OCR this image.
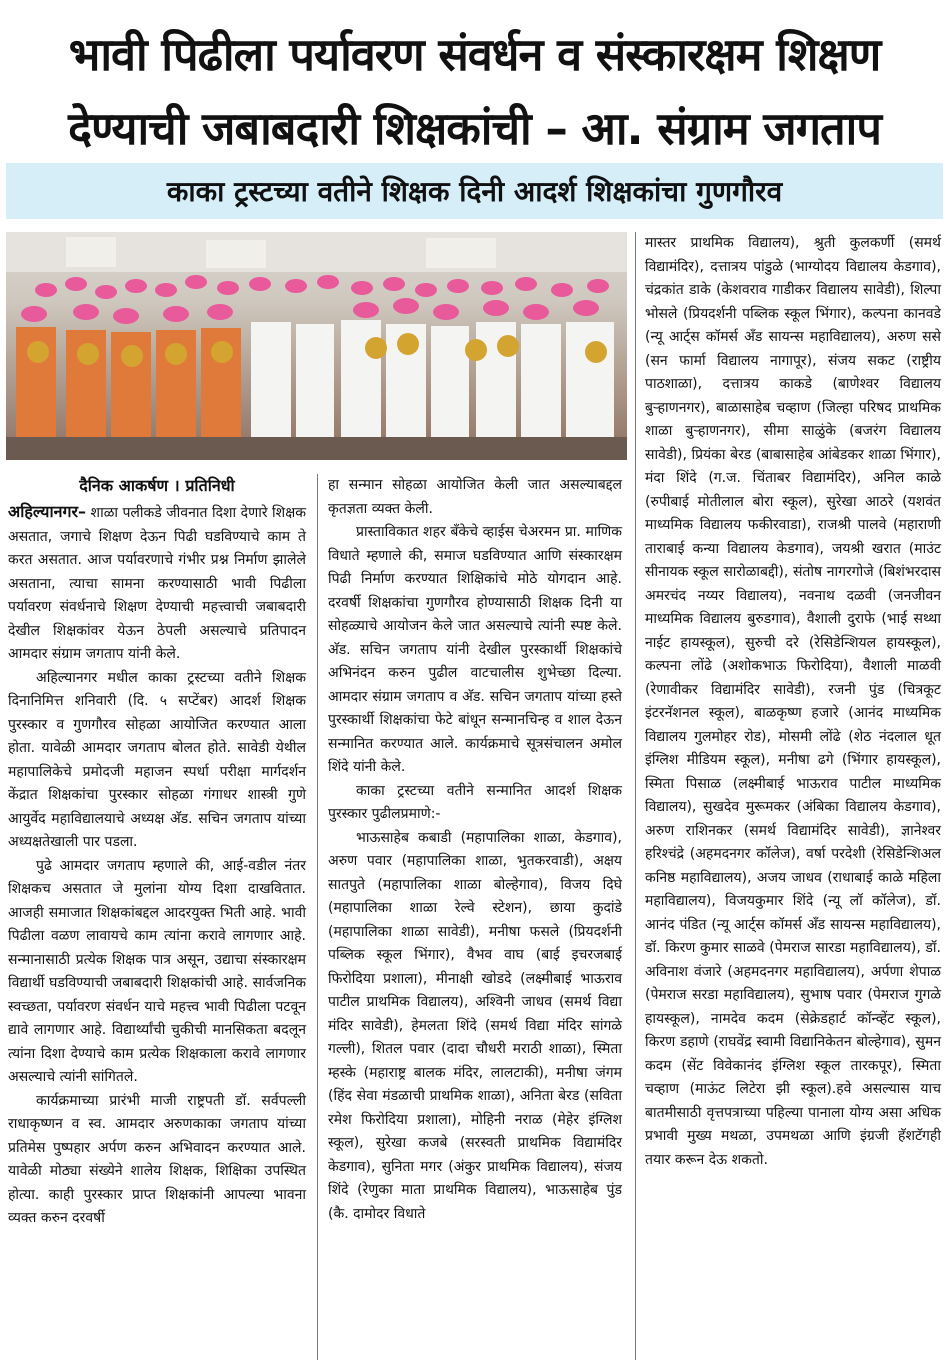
भावी पिढीला पर्यावरण संवर्धन व संस्कारक्षम शिक्षण
देण्याची जबाबदारी शिक्षकांची – आ. संग्राम जगताप
काका ट्रस्टच्या वतीने शिक्षक दिनी आदर्श शिक्षकांचा गुणगौरव
दैनिक आकर्षण । प्रतिनिधी

अहिल्यानगर– शाळा पलीकडे जीवनात दिशा देणारे शिक्षक असतात, जगाचे शिक्षण देऊन पिढी घडविण्याचे काम ते करत असतात. आज पर्यावरणाचे गंभीर प्रश्न निर्माण झालेले असताना, त्याचा सामना करण्यासाठी भावी पिढीला पर्यावरण संवर्धनाचे शिक्षण देण्याची महत्त्वाची जबाबदारी देखील शिक्षकांवर येऊन ठेपली असल्याचे प्रतिपादन आमदार संग्राम जगताप यांनी केले.

अहिल्यानगर मधील काका ट्रस्टच्या वतीने शिक्षक दिनानिमित्त शनिवारी (दि. ५ सप्टेंबर) आदर्श शिक्षक पुरस्कार व गुणगौरव सोहळा आयोजित करण्यात आला होता. यावेळी आमदार जगताप बोलत होते. सावेडी येथील महापालिकेचे प्रमोदजी महाजन स्पर्धा परीक्षा मार्गदर्शन केंद्रात शिक्षकांचा पुरस्कार सोहळा गंगाधर शास्त्री गुणे आयुर्वेद महाविद्यालयाचे अध्यक्ष अ‍ॅड. सचिन जगताप यांच्या अध्यक्षतेखाली पार पडला.

पुढे आमदार जगताप म्हणाले की, आई-वडील नंतर शिक्षकच असतात जे मुलांना योग्य दिशा दाखवितात. आजही समाजात शिक्षकांबद्दल आदरयुक्त भिती आहे. भावी पिढीला वळण लावायचे काम त्यांना करावे लागणार आहे. सन्मानासाठी प्रत्येक शिक्षक पात्र असून, उद्याचा संस्कारक्षम विद्यार्थी घडविण्याची जबाबदारी शिक्षकांची आहे. सार्वजनिक स्वच्छता, पर्यावरण संवर्धन याचे महत्त्व भावी पिढीला पटवून द्यावे लागणार आहे. विद्यार्थ्यांची चुकीची मानसिकता बदलून त्यांना दिशा देण्याचे काम प्रत्येक शिक्षकाला करावे लागणार असल्याचे त्यांनी सांगितले.

कार्यक्रमाच्या प्रारंभी माजी राष्ट्रपती डॉ. सर्वपल्ली राधाकृष्णन व स्व. आमदार अरुणकाका जगताप यांच्या प्रतिमेस पुष्पहार अर्पण करुन अभिवादन करण्यात आले. यावेळी मोठ्या संख्येने शालेय शिक्षक, शिक्षिका उपस्थित होत्या. काही पुरस्कार प्राप्त शिक्षकांनी आपल्या भावना व्यक्त करुन दरवर्षी

हा सन्मान सोहळा आयोजित केली जात असल्याबद्दल कृतज्ञता व्यक्त केली.

प्रास्ताविकात शहर बँकेचे व्हाईस चेअरमन प्रा. माणिक विधाते म्हणाले की, समाज घडविण्यात आणि संस्कारक्षम पिढी निर्माण करण्यात शिक्षिकांचे मोठे योगदान आहे. दरवर्षी शिक्षकांचा गुणगौरव होण्यासाठी शिक्षक दिनी या सोहळ्याचे आयोजन केले जात असल्याचे त्यांनी स्पष्ट केले. अ‍ॅड. सचिन जगताप यांनी देखील पुरस्कार्थी शिक्षकांचे अभिनंदन करुन पुढील वाटचालीस शुभेच्छा दिल्या. आमदार संग्राम जगताप व अ‍ॅड. सचिन जगताप यांच्या हस्ते पुरस्कार्थी शिक्षकांचा फेटे बांधून सन्मानचिन्ह व शाल देऊन सन्मानित करण्यात आले. कार्यक्रमाचे सूत्रसंचालन अमोल शिंदे यांनी केले.

काका ट्रस्टच्या वतीने सन्मानित आदर्श शिक्षक पुरस्कार पुढीलप्रमाणे:-

भाऊसाहेब कबाडी (महापालिका शाळा, केडगाव), अरुण पवार (महापालिका शाळा, भुतकरवाडी), अक्षय सातपुते (महापालिका शाळा बोल्हेगाव), विजय दिघे (महापालिका शाळा रेल्वे स्टेशन), छाया कुदांडे (महापालिका शाळा सावेडी), मनीषा फसले (प्रियदर्शनी पब्लिक स्कूल भिंगार), वैभव वाघ (बाई इचरजबाई फिरोदिया प्रशाला), मीनाक्षी खोडदे (लक्ष्मीबाई भाऊराव पाटील प्राथमिक विद्यालय), अश्विनी जाधव (समर्थ विद्या मंदिर सावेडी), हेमलता शिंदे (समर्थ विद्या मंदिर सांगळे गल्ली), शितल पवार (दादा चौधरी मराठी शाळा), स्मिता म्हस्के (महाराष्ट्र बालक मंदिर, लालटाकी), मनीषा जंगम (हिंद सेवा मंडळाची प्राथमिक शाळा), अनिता बेरड (सविता रमेश फिरोदिया प्रशाला), मोहिनी नराळ (मेहेर इंग्लिश स्कूल), सुरेखा कजबे (सरस्वती प्राथमिक विद्यामंदिर केडगाव), सुनिता मगर (अंकुर प्राथमिक विद्यालय), संजय शिंदे (रेणुका माता प्राथमिक विद्यालय), भाऊसाहेब पुंड (कै. दामोदर विधाते

मास्तर प्राथमिक विद्यालय), श्रुती कुलकर्णी (समर्थ विद्यामंदिर), दत्तात्रय पांडुळे (भाग्योदय विद्यालय केडगाव), चंद्रकांत डाके (केशवराव गाडीकर विद्यालय सावेडी), शिल्पा भोसले (प्रियदर्शनी पब्लिक स्कूल भिंगार), कल्पना कानवडे (न्यू आर्ट्स कॉमर्स अँड सायन्स महाविद्यालय), अरुण ससे (सन फार्मा विद्यालय नागापूर), संजय सकट (राष्ट्रीय पाठशाळा), दत्तात्रय काकडे (बाणेश्वर विद्यालय बुऱ्हाणनगर), बाळासाहेब चव्हाण (जिल्हा परिषद प्राथमिक शाळा बुऱ्हाणनगर), सीमा साळुंके (बजरंग विद्यालय सावेडी), प्रियंका बेरड (बाबासाहेब आंबेडकर शाळा भिंगार), मंदा शिंदे (ग.ज. चिंताबर विद्यामंदिर), अनिल काळे (रुपीबाई मोतीलाल बोरा स्कूल), सुरेखा आठरे (यशवंत माध्यमिक विद्यालय फकीरवाडा), राजश्री पालवे (महाराणी ताराबाई कन्या विद्यालय केडगाव), जयश्री खरात (माउंट सीनायक स्कूल सारोळाबद्दी), संतोष नागरगोजे (बिशंभरदास अमरचंद नय्यर विद्यालय), नवनाथ दळवी (जनजीवन माध्यमिक विद्यालय बुरुडगाव), वैशाली दुराफे (भाई सथ्था नाईट हायस्कूल), सुरुची दरे (रेसिडेन्शियल हायस्कूल), कल्पना लोंढे (अशोकभाऊ फिरोदिया), वैशाली माळवी (रेणावीकर विद्यामंदिर सावेडी), रजनी पुंड (चित्रकूट इंटरनॅशनल स्कूल), बाळकृष्ण हजारे (आनंद माध्यमिक विद्यालय गुलमोहर रोड), मोसमी लोंढे (शेठ नंदलाल धूत इंग्लिश मीडियम स्कूल), मनीषा ढगे (भिंगार हायस्कूल), स्मिता पिसाळ (लक्ष्मीबाई भाऊराव पाटील माध्यमिक विद्यालय), सुखदेव मुरूमकर (अंबिका विद्यालय केडगाव), अरुण राशिनकर (समर्थ विद्यामंदिर सावेडी), ज्ञानेश्वर हरिश्चंद्रे (अहमदनगर कॉलेज), वर्षा परदेशी (रेसिडेन्शिअल कनिष्ठ महाविद्यालय), अजय जाधव (राधाबाई काळे महिला महाविद्यालय), विजयकुमार शिंदे (न्यू लॉ कॉलेज), डॉ. आनंद पंडित (न्यू आर्ट्स कॉमर्स अँड सायन्स महाविद्यालय), डॉ. किरण कुमार साळवे (पेमराज सारडा महाविद्यालय), डॉ. अविनाश वंजारे (अहमदनगर महाविद्यालय), अर्पणा शेपाळ (पेमराज सरडा महाविद्यालय), सुभाष पवार (पेमराज गुगळे हायस्कूल), नामदेव कदम (सेक्रेडहार्ट कॉन्व्हेंट स्कूल), किरण डहाणे (राघवेंद्र स्वामी विद्यानिकेतन बोल्हेगाव), सुमन कदम (सेंट विवेकानंद इंग्लिश स्कूल तारकपूर), स्मिता चव्हाण (माऊंट लिटेरा झी स्कूल).हवे असल्यास याच बातमीसाठी वृत्तपत्राच्या पहिल्या पानाला योग्य असा अधिक प्रभावी मुख्य मथळा, उपमथळा आणि इंग्रजी हॅशटॅगही तयार करून देऊ शकतो.
